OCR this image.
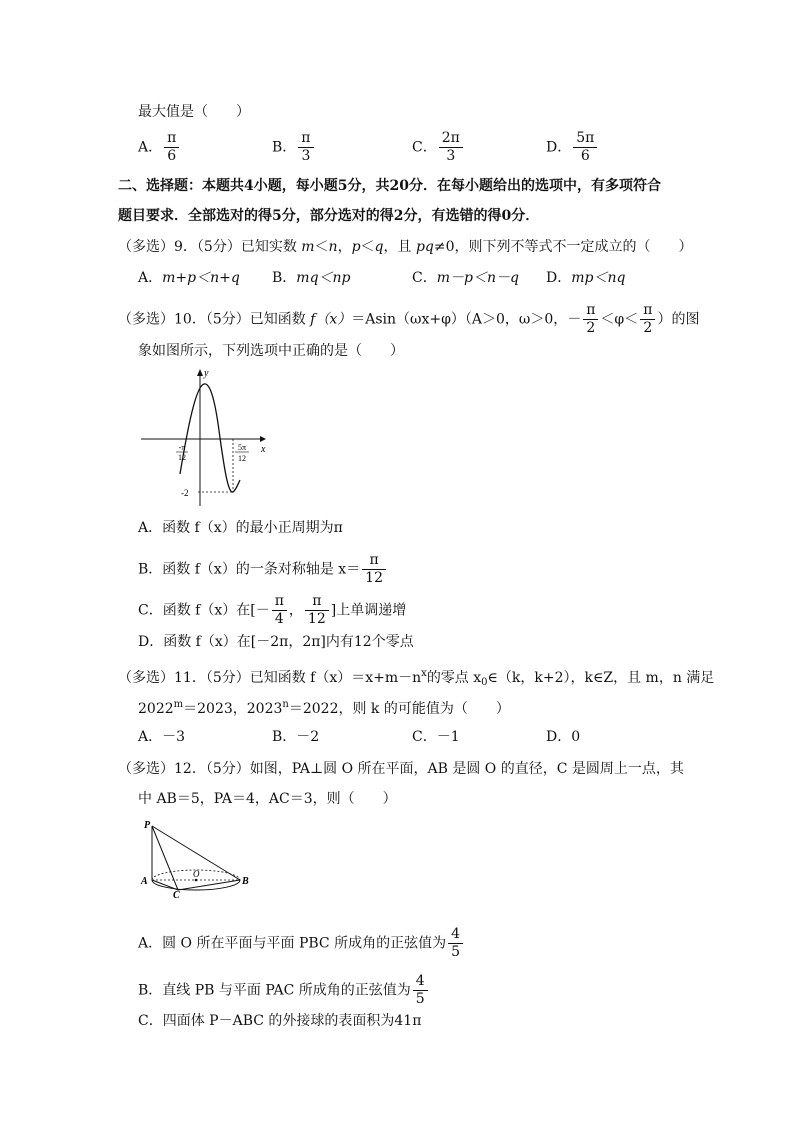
最大值是（　　）
A． $\frac{\pi}{6}$	B． $\frac{\pi}{3}$	C． $\frac{2\pi}{3}$	D． $\frac{5\pi}{6}$
二、选择题：本题共4小题，每小题5分，共20分．在每小题给出的选项中，有多项符合
题目要求．全部选对的得5分，部分选对的得2分，有选错的得0分．
（多选）9．（5分）已知实数 m＜n，p＜q，且 pq≠0，则下列不等式不一定成立的（　　）
A．m+p＜n+q B．mq＜np	C．m－p＜n－q D．mp＜nq
（多选）10．（5分）已知函数 f（x）＝Asin（ωx+φ）（A＞0，ω＞0，－ $\frac{\pi}{2} <\varphi< \frac{\pi}{2}$ ）的图
象如图所示，下列选项中正确的是（　　）
y
x
-π
12
5π
12
-2
A．函数 f（x）的最小正周期为π
B．函数 f（x）的一条对称轴是 $x= \frac{\pi}{12}$
C．函数 f（x）在[－ $\frac{\pi}{4}$ ， $\frac{\pi}{12}$ ]上单调递增
D．函数 f（x）在[－2π，2π]内有12个零点
（多选）11．（5分）已知函数 $f(x)=x+m-n^x$的零点 $x_0\in(k$，k+2），k∈Z，且 m，n 满足
$2022^m=2023$，$2023^n=2022$，则 k 的可能值为（　　）
A．－3	B．－2	C．－1	D．0
（多选）12．（5分）如图，PA⊥圆 O 所在平面，AB 是圆 O 的直径，C 是圆周上一点，其
中 AB＝5，PA＝4，AC＝3，则（　　）
P
A
O
B
C
A．圆 O 所在平面与平面 PBC 所成角的正弦值为 $\frac{4}{5}$
B．直线 PB 与平面 PAC 所成角的正弦值为 $\frac{4}{5}$
C．四面体 P－ABC 的外接球的表面积为41π
